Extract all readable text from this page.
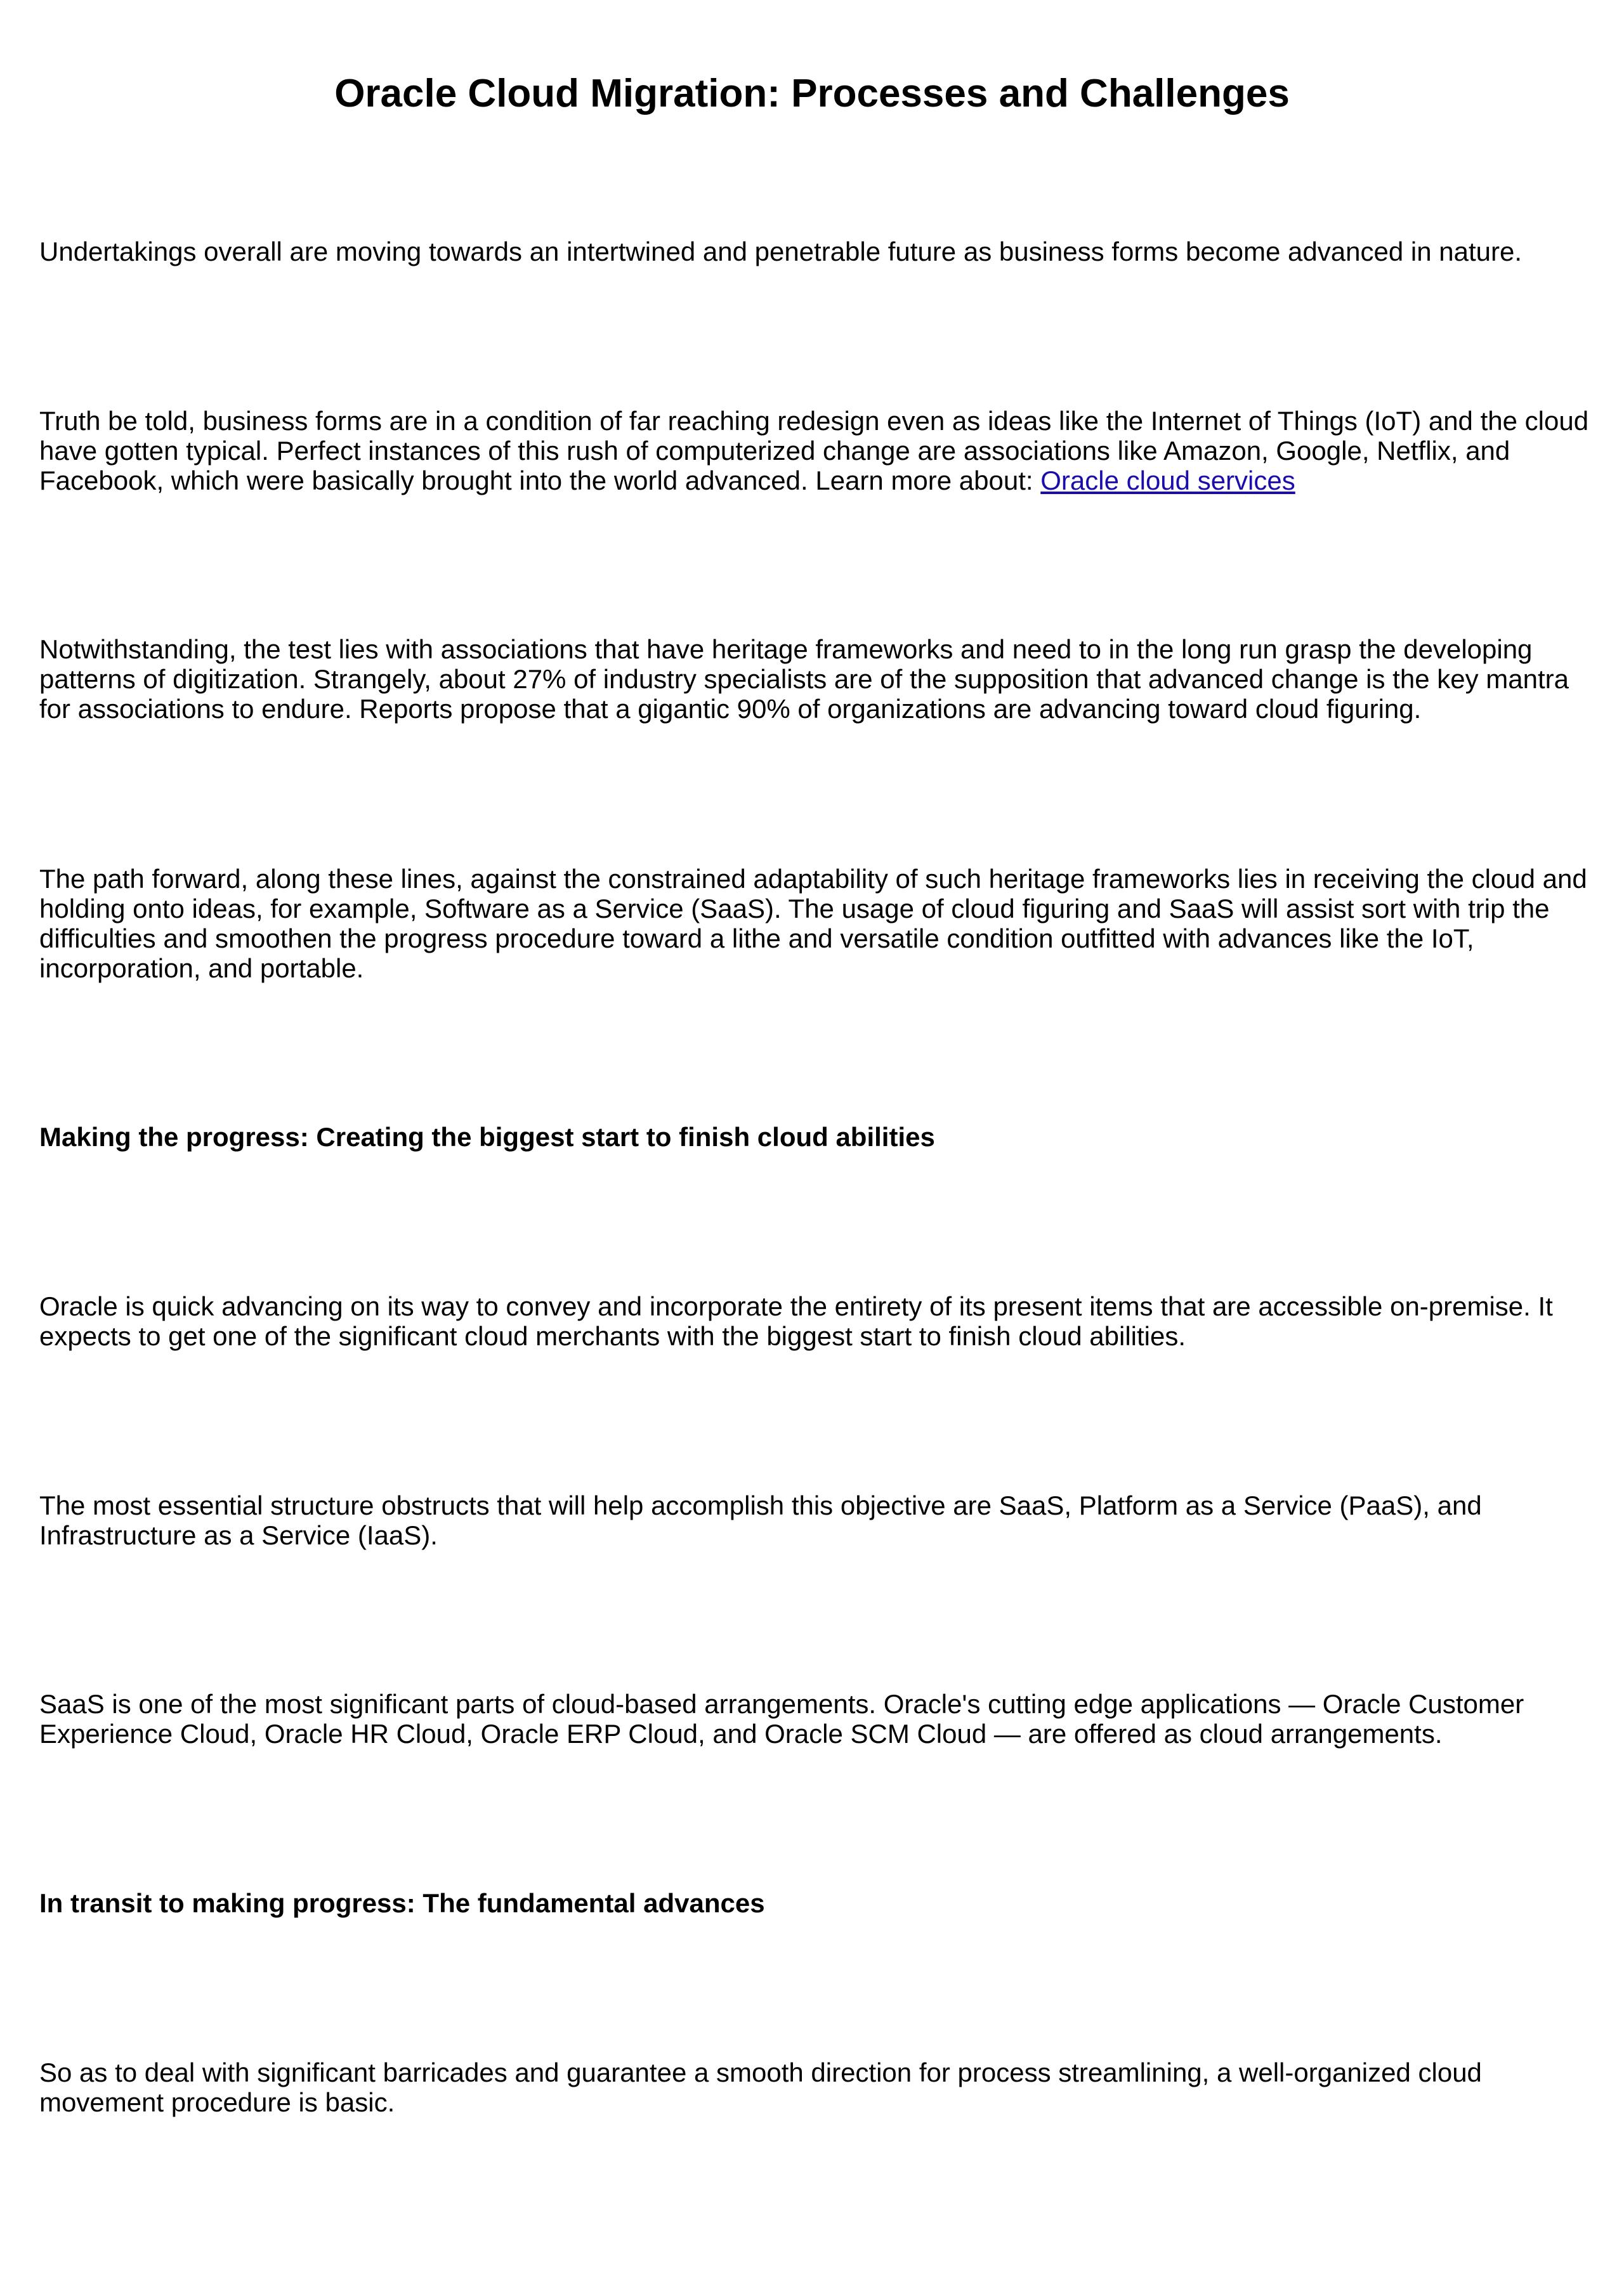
Oracle Cloud Migration: Processes and Challenges

Undertakings overall are moving towards an intertwined and penetrable future as business forms become advanced in nature.

Truth be told, business forms are in a condition of far reaching redesign even as ideas like the Internet of Things (IoT) and the cloud have gotten typical. Perfect instances of this rush of computerized change are associations like Amazon, Google, Netflix, and Facebook, which were basically brought into the world advanced. Learn more about: Oracle cloud services

Notwithstanding, the test lies with associations that have heritage frameworks and need to in the long run grasp the developing patterns of digitization. Strangely, about 27% of industry specialists are of the supposition that advanced change is the key mantra for associations to endure. Reports propose that a gigantic 90% of organizations are advancing toward cloud figuring.

The path forward, along these lines, against the constrained adaptability of such heritage frameworks lies in receiving the cloud and holding onto ideas, for example, Software as a Service (SaaS). The usage of cloud figuring and SaaS will assist sort with trip the difficulties and smoothen the progress procedure toward a lithe and versatile condition outfitted with advances like the IoT, incorporation, and portable.

Making the progress: Creating the biggest start to finish cloud abilities

Oracle is quick advancing on its way to convey and incorporate the entirety of its present items that are accessible on-premise. It expects to get one of the significant cloud merchants with the biggest start to finish cloud abilities.

The most essential structure obstructs that will help accomplish this objective are SaaS, Platform as a Service (PaaS), and Infrastructure as a Service (IaaS).

SaaS is one of the most significant parts of cloud-based arrangements. Oracle's cutting edge applications — Oracle Customer Experience Cloud, Oracle HR Cloud, Oracle ERP Cloud, and Oracle SCM Cloud — are offered as cloud arrangements.

In transit to making progress: The fundamental advances

So as to deal with significant barricades and guarantee a smooth direction for process streamlining, a well-organized cloud movement procedure is basic.
